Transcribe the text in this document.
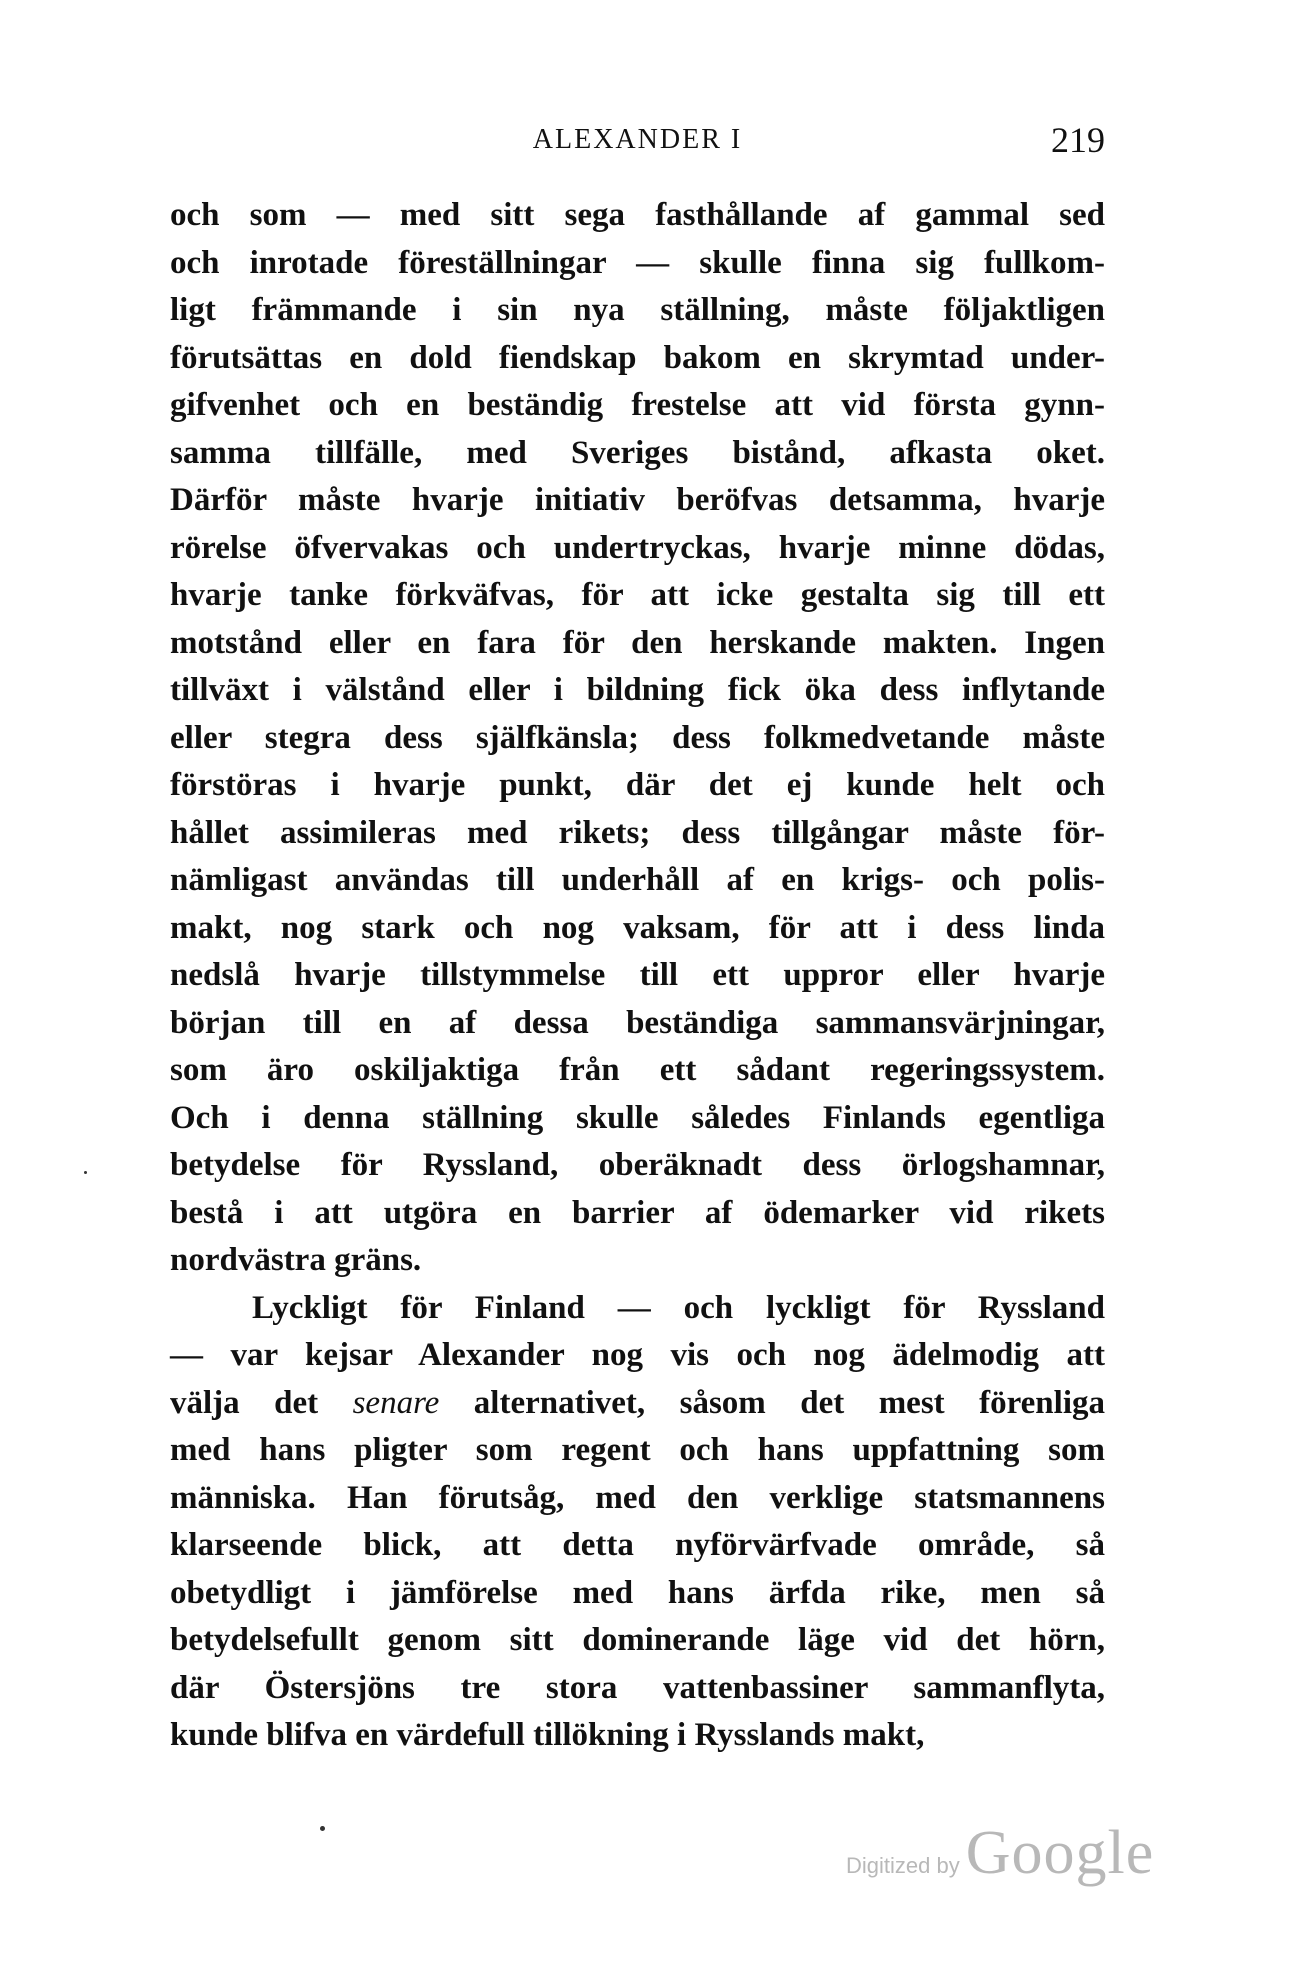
ALEXANDER I	219
och som — med sitt sega fasthållande af gammal sed
och inrotade föreställningar — skulle finna sig fullkom-
ligt främmande i sin nya ställning, måste följaktligen
förutsättas en dold fiendskap bakom en skrymtad under-
gifvenhet och en beständig frestelse att vid första gynn-
samma tillfälle, med Sveriges bistånd, afkasta oket.
Därför måste hvarje initiativ beröfvas detsamma, hvarje
rörelse öfvervakas och undertryckas, hvarje minne dödas,
hvarje tanke förkväfvas, för att icke gestalta sig till ett
motstånd eller en fara för den herskande makten. Ingen
tillväxt i välstånd eller i bildning fick öka dess inflytande
eller stegra dess själfkänsla; dess folkmedvetande måste
förstöras i hvarje punkt, där det ej kunde helt och
hållet assimileras med rikets; dess tillgångar måste för-
nämligast användas till underhåll af en krigs- och polis-
makt, nog stark och nog vaksam, för att i dess linda
nedslå hvarje tillstymmelse till ett uppror eller hvarje
början till en af dessa beständiga sammansvärjningar,
som äro oskiljaktiga från ett sådant regeringssystem.
Och i denna ställning skulle således Finlands egentliga
betydelse för Ryssland, oberäknadt dess örlogshamnar,
bestå i att utgöra en barrier af ödemarker vid rikets
nordvästra gräns.
Lyckligt för Finland — och lyckligt för Ryssland
— var kejsar Alexander nog vis och nog ädelmodig att
välja det senare alternativet, såsom det mest förenliga
med hans pligter som regent och hans uppfattning som
människa. Han förutsåg, med den verklige statsmannens
klarseende blick, att detta nyförvärfvade område, så
obetydligt i jämförelse med hans ärfda rike, men så
betydelsefullt genom sitt dominerande läge vid det hörn,
där Östersjöns tre stora vattenbassiner sammanflyta,
kunde blifva en värdefull tillökning i Rysslands makt,
Digitized by Google
